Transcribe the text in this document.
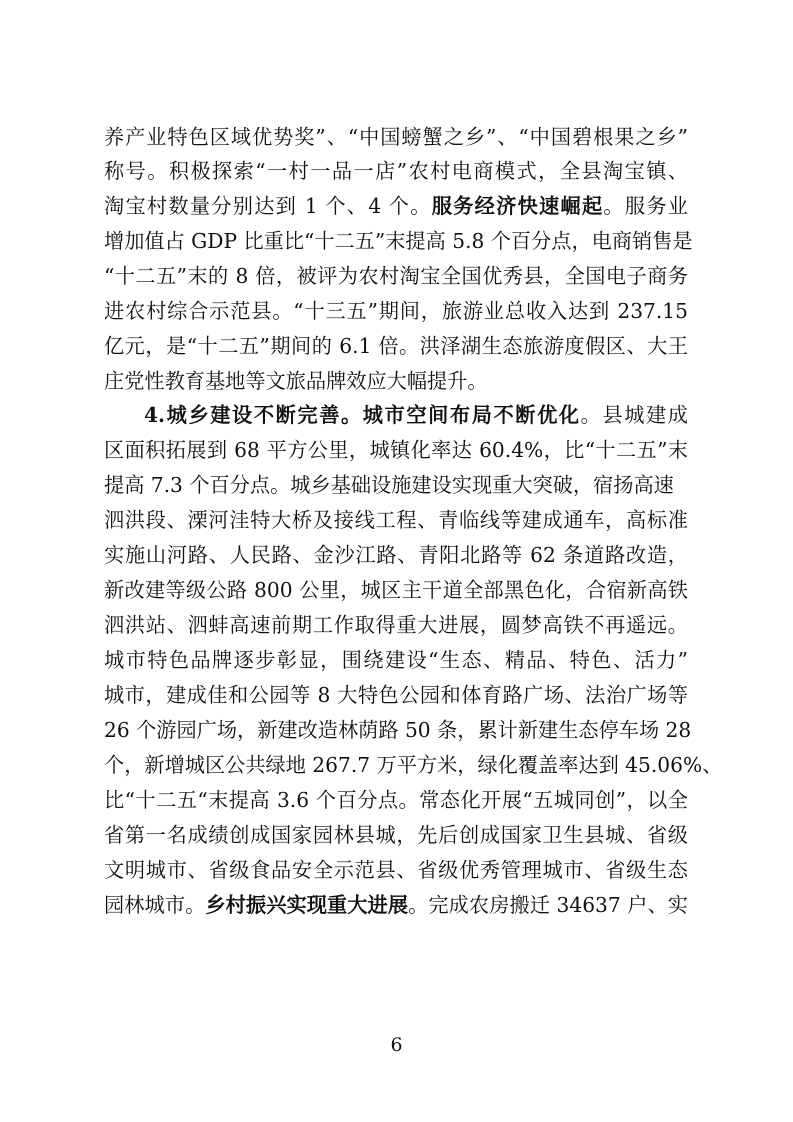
养产业特色区域优势奖”、“中国螃蟹之乡”、“中国碧根果之乡”
称号。积极探索“一村一品一店”农村电商模式，全县淘宝镇、
淘宝村数量分别达到 1 个、4 个。服务经济快速崛起。服务业
增加值占 GDP 比重比“十二五”末提高 5.8 个百分点，电商销售是
“十二五”末的 8 倍，被评为农村淘宝全国优秀县，全国电子商务
进农村综合示范县。“十三五”期间，旅游业总收入达到 237.15
亿元，是“十二五”期间的 6.1 倍。洪泽湖生态旅游度假区、大王
庄党性教育基地等文旅品牌效应大幅提升。
4.城乡建设不断完善。城市空间布局不断优化。县城建成
区面积拓展到 68 平方公里，城镇化率达 60.4%，比“十二五”末
提高 7.3 个百分点。城乡基础设施建设实现重大突破，宿扬高速
泗洪段、溧河洼特大桥及接线工程、青临线等建成通车，高标准
实施山河路、人民路、金沙江路、青阳北路等 62 条道路改造，
新改建等级公路 800 公里，城区主干道全部黑色化，合宿新高铁
泗洪站、泗蚌高速前期工作取得重大进展，圆梦高铁不再遥远。
城市特色品牌逐步彰显，围绕建设“生态、精品、特色、活力”
城市，建成佳和公园等 8 大特色公园和体育路广场、法治广场等
26 个游园广场，新建改造林荫路 50 条，累计新建生态停车场 28
个，新增城区公共绿地 267.7 万平方米，绿化覆盖率达到 45.06%、
比“十二五“末提高 3.6 个百分点。常态化开展“五城同创”，以全
省第一名成绩创成国家园林县城，先后创成国家卫生县城、省级
文明城市、省级食品安全示范县、省级优秀管理城市、省级生态
园林城市。乡村振兴实现重大进展。完成农房搬迁 34637 户、实
6
